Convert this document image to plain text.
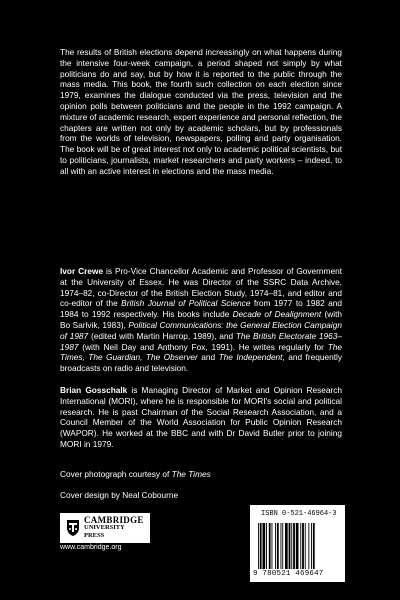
The results of British elections depend increasingly on what happens during the intensive four-week campaign, a period shaped not simply by what politicians do and say, but by how it is reported to the public through the mass media. This book, the fourth such collection on each election since 1979, examines the dialogue conducted via the press, television and the opinion polls between politicians and the people in the 1992 campaign. A mixture of academic research, expert experience and personal reflection, the chapters are written not only by academic scholars, but by professionals from the worlds of television, newspapers, polling and party organisation. The book will be of great interest not only to academic political scientists, but to politicians, journalists, market researchers and party workers – indeed, to all with an active interest in elections and the mass media.

Ivor Crewe is Pro-Vice Chancellor Academic and Professor of Government at the University of Essex. He was Director of the SSRC Data Archive, 1974–82, co-Director of the British Election Study, 1974–81, and editor and co-editor of the British Journal of Political Science from 1977 to 1982 and 1984 to 1992 respectively. His books include Decade of Dealignment (with Bo Sarlvik, 1983), Political Communications: the General Election Campaign of 1987 (edited with Martin Harrop, 1989), and The British Electorate 1963–1987 (with Neil Day and Anthony Fox, 1991). He writes regularly for The Times, The Guardian, The Observer and The Independent, and frequently broadcasts on radio and television.

Brian Gosschalk is Managing Director of Market and Opinion Research International (MORI), where he is responsible for MORI's social and political research. He is past Chairman of the Social Research Association, and a Council Member of the World Association for Public Opinion Research (WAPOR). He worked at the BBC and with Dr David Butler prior to joining MORI in 1979.

Cover photograph courtesy of The Times
Cover design by Neal Cobourne
CAMBRIDGE
UNIVERSITY PRESS
www.cambridge.org
ISBN 0-521-46964-3
9 780521 469647
